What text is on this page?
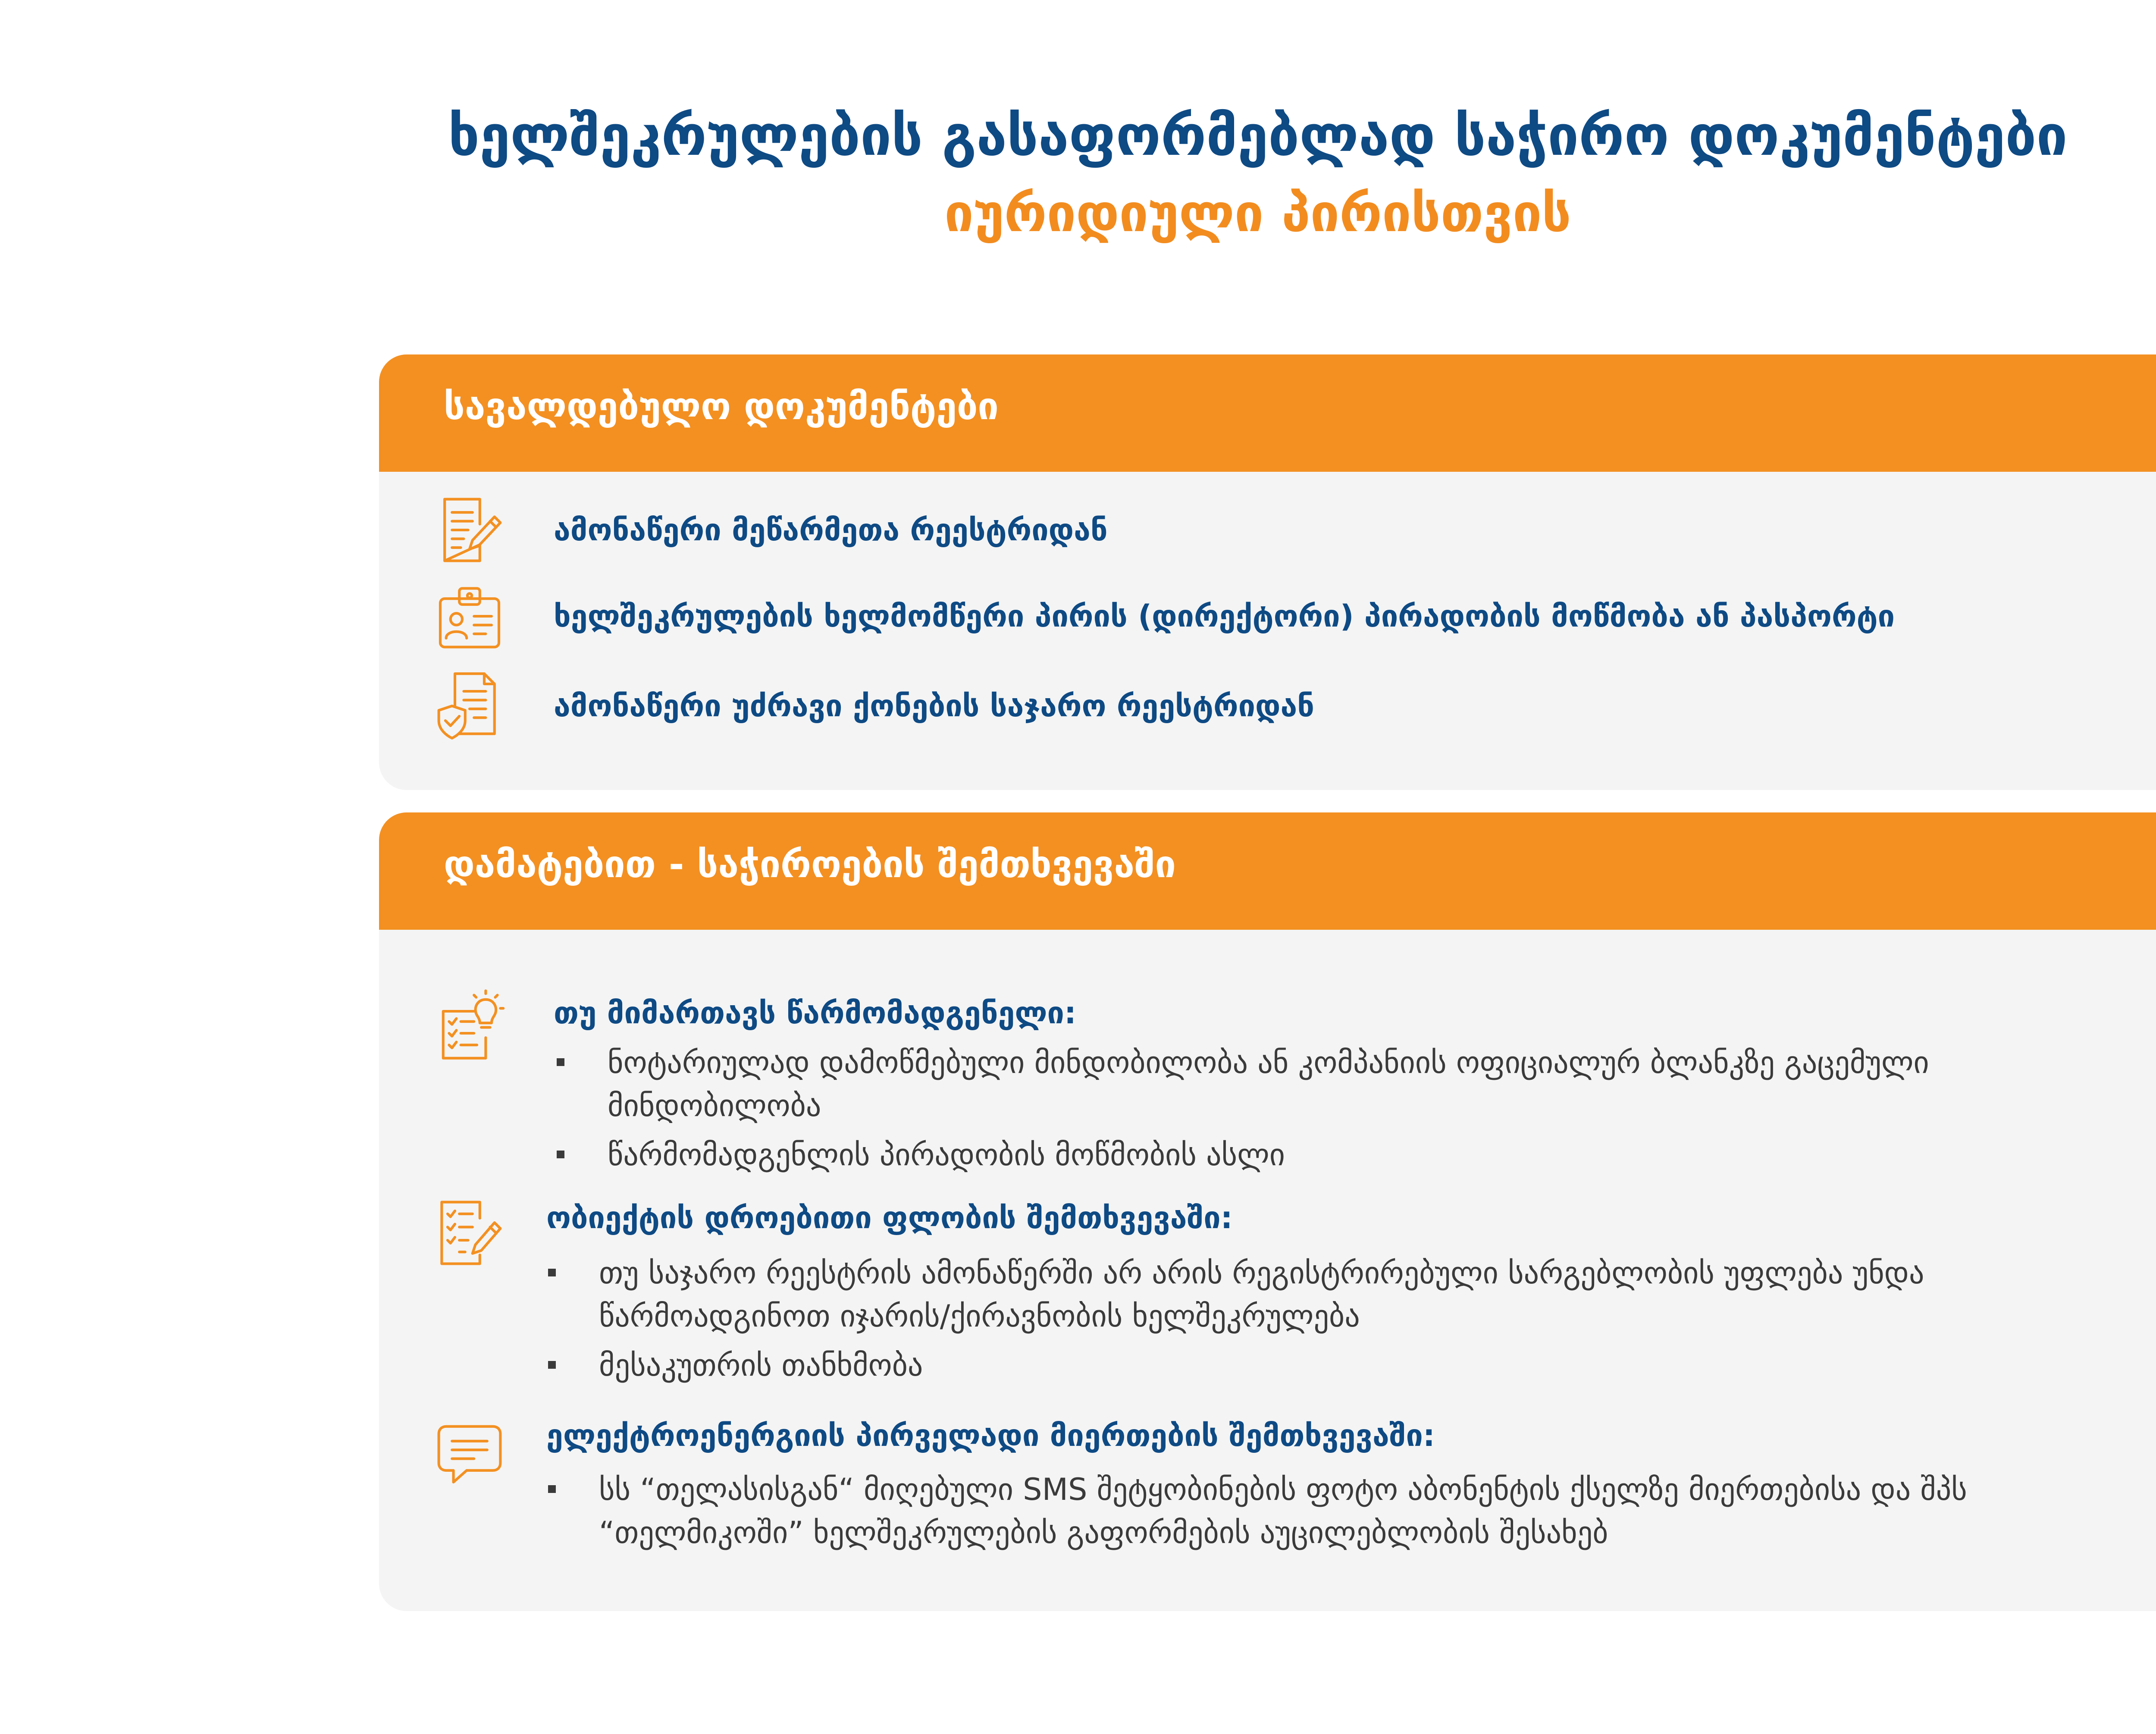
ხელშეკრულების გასაფორმებლად საჭირო დოკუმენტები
იურიდიული პირისთვის
სავალდებულო დოკუმენტები
ამონაწერი მეწარმეთა რეესტრიდან
ხელშეკრულების ხელმომწერი პირის (დირექტორი) პირადობის მოწმობა ან პასპორტი
ამონაწერი უძრავი ქონების საჯარო რეესტრიდან
დამატებით - საჭიროების შემთხვევაში
თუ მიმართავს წარმომადგენელი:
ნოტარიულად დამოწმებული მინდობილობა ან კომპანიის ოფიციალურ ბლანკზე გაცემული მინდობილობა
წარმომადგენლის პირადობის მოწმობის ასლი
ობიექტის დროებითი ფლობის შემთხვევაში:
თუ საჯარო რეესტრის ამონაწერში არ არის რეგისტრირებული სარგებლობის უფლება უნდა წარმოადგინოთ იჯარის/ქირავნობის ხელშეკრულება
მესაკუთრის თანხმობა
ელექტროენერგიის პირველადი მიერთების შემთხვევაში:
სს “თელასისგან“ მიღებული SMS შეტყობინების ფოტო აბონენტის ქსელზე მიერთებისა და შპს “თელმიკოში” ხელშეკრულების გაფორმების აუცილებლობის შესახებ
